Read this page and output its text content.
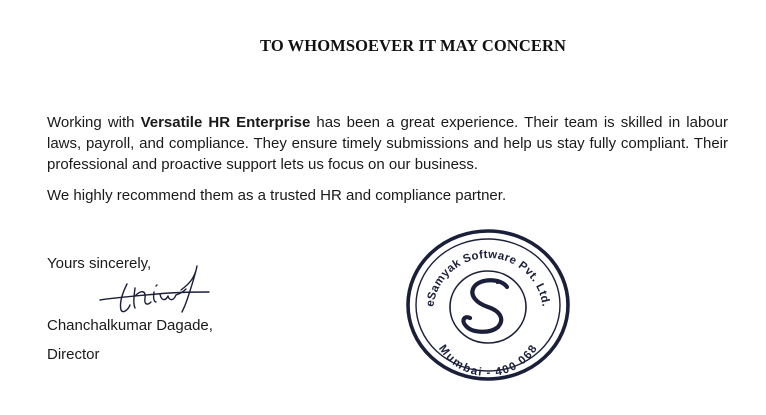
TO WHOMSOEVER IT MAY CONCERN

Working with Versatile HR Enterprise has been a great experience. Their team is skilled in labour laws, payroll, and compliance. They ensure timely submissions and help us stay fully compliant. Their professional and proactive support lets us focus on our business.

We highly recommend them as a trusted HR and compliance partner.

Yours sincerely,
Chanchalkumar Dagade,
Director
eSamyak Software Pvt. Ltd.
Mumbai - 400 068
